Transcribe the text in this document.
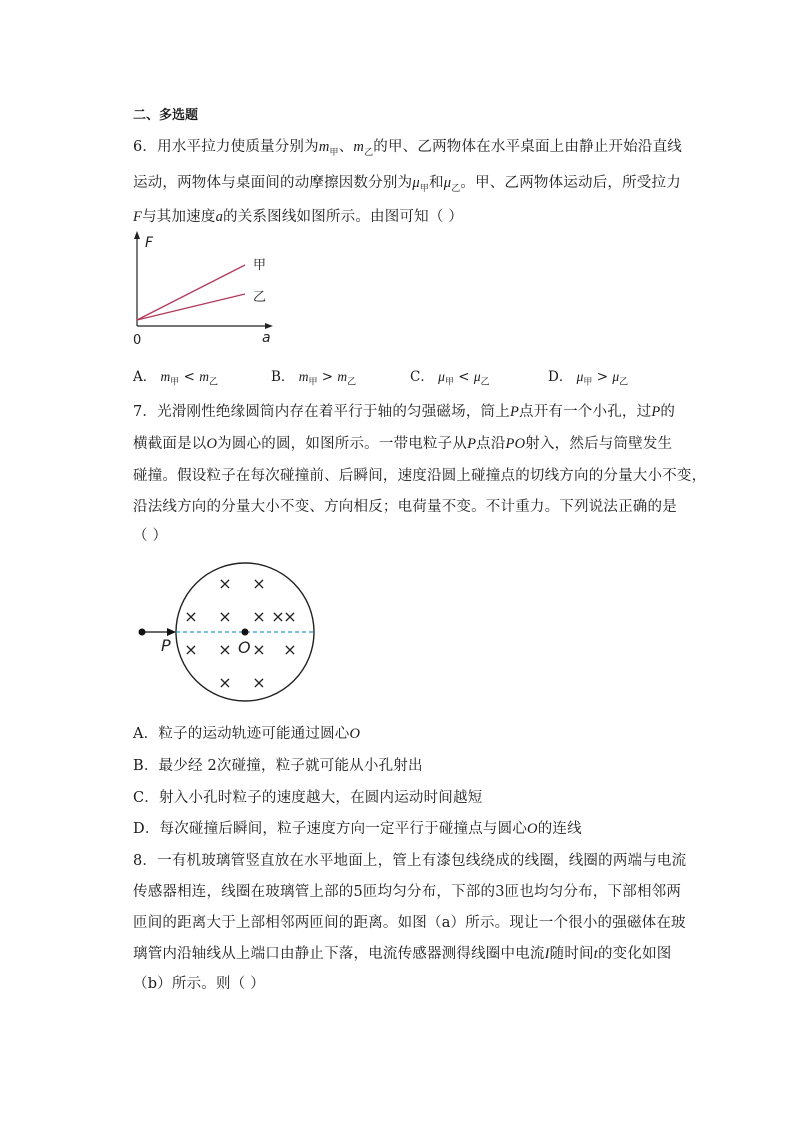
二、多选题
6．用水平拉力使质量分别为$m_甲$、$m_乙$的甲、乙两物体在水平桌面上由静止开始沿直线
运动，两物体与桌面间的动摩擦因数分别为$\mu_甲$和$\mu_乙$。甲、乙两物体运动后，所受拉力
F与其加速度a的关系图线如图所示。由图可知（ ）
F
a
0
甲
乙
A． $m_甲 < m_乙$	B． $m_甲 > m_乙$	C． $\mu_甲 < \mu_乙$	D． $\mu_甲 > \mu_乙$
7．光滑刚性绝缘圆筒内存在着平行于轴的匀强磁场，筒上P点开有一个小孔，过P的
横截面是以O为圆心的圆，如图所示。一带电粒子从P点沿PO射入，然后与筒壁发生
碰撞。假设粒子在每次碰撞前、后瞬间，速度沿圆上碰撞点的切线方向的分量大小不变，
沿法线方向的分量大小不变、方向相反；电荷量不变。不计重力。下列说法正确的是
（ ）
P	O
× ×
× × × ×
×
× × × ×
× ×
A．粒子的运动轨迹可能通过圆心O
B．最少经 2次碰撞，粒子就可能从小孔射出
C．射入小孔时粒子的速度越大，在圆内运动时间越短
D．每次碰撞后瞬间，粒子速度方向一定平行于碰撞点与圆心O的连线
8．一有机玻璃管竖直放在水平地面上，管上有漆包线绕成的线圈，线圈的两端与电流
传感器相连，线圈在玻璃管上部的5匝均匀分布，下部的3匝也均匀分布，下部相邻两
匝间的距离大于上部相邻两匝间的距离。如图（a）所示。现让一个很小的强磁体在玻
璃管内沿轴线从上端口由静止下落，电流传感器测得线圈中电流I随时间t的变化如图
（b）所示。则（ ）
